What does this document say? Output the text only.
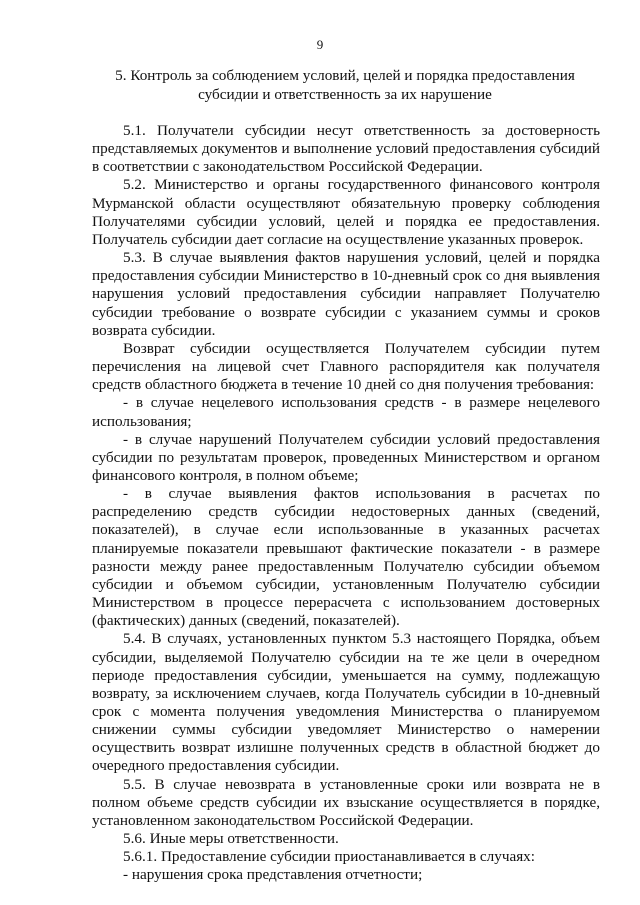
9
5. Контроль за соблюдением условий, целей и порядка предоставления
субсидии и ответственность за их нарушение

5.1. Получатели субсидии несут ответственность за достоверность представляемых документов и выполнение условий предоставления субсидий в соответствии с законодательством Российской Федерации.

5.2. Министерство и органы государственного финансового контроля Мурманской области осуществляют обязательную проверку соблюдения Получателями субсидии условий, целей и порядка ее предоставления. Получатель субсидии дает согласие на осуществление указанных проверок.

5.3. В случае выявления фактов нарушения условий, целей и порядка предоставления субсидии Министерство в 10-дневный срок со дня выявления нарушения условий предоставления субсидии направляет Получателю субсидии требование о возврате субсидии с указанием суммы и сроков возврата субсидии.

Возврат субсидии осуществляется Получателем субсидии путем перечисления на лицевой счет Главного распорядителя как получателя средств областного бюджета в течение 10 дней со дня получения требования:

- в случае нецелевого использования средств - в размере нецелевого использования;

- в случае нарушений Получателем субсидии условий предоставления субсидии по результатам проверок, проведенных Министерством и органом финансового контроля, в полном объеме;

- в случае выявления фактов использования в расчетах по распределению средств субсидии недостоверных данных (сведений, показателей), в случае если использованные в указанных расчетах планируемые показатели превышают фактические показатели - в размере разности между ранее предоставленным Получателю субсидии объемом субсидии и объемом субсидии, установленным Получателю субсидии Министерством в процессе перерасчета с использованием достоверных (фактических) данных (сведений, показателей).

5.4. В случаях, установленных пунктом 5.3 настоящего Порядка, объем субсидии, выделяемой Получателю субсидии на те же цели в очередном периоде предоставления субсидии, уменьшается на сумму, подлежащую возврату, за исключением случаев, когда Получатель субсидии в 10-дневный срок с момента получения уведомления Министерства о планируемом снижении суммы субсидии уведомляет Министерство о намерении осуществить возврат излишне полученных средств в областной бюджет до очередного предоставления субсидии.

5.5. В случае невозврата в установленные сроки или возврата не в полном объеме средств субсидии их взыскание осуществляется в порядке, установленном законодательством Российской Федерации.

5.6. Иные меры ответственности.

5.6.1. Предоставление субсидии приостанавливается в случаях:

- нарушения срока представления отчетности;
